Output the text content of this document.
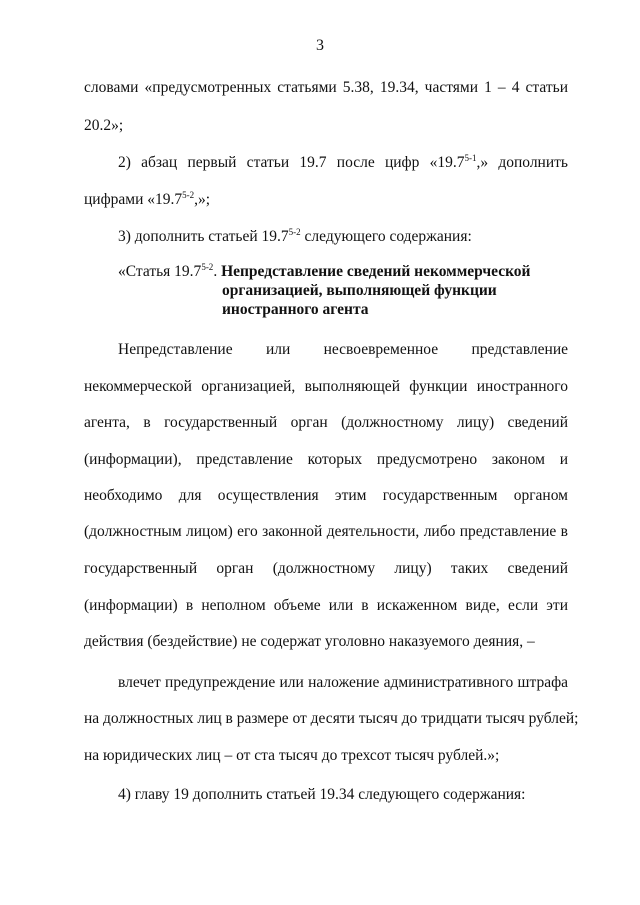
3
словами «предусмотренных статьями 5.38, 19.34, частями 1 – 4 статьи
20.2»;
2) абзац первый статьи 19.7 после цифр «19.7$^{5-1}$,» дополнить
цифрами «19.7$^{5-2}$,»;
3) дополнить статьей 19.7$^{5-2}$ следующего содержания:
«Статья 19.7$^{5-2}$. Непредставление сведений некоммерческой
организацией, выполняющей функции
иностранного агента
Непредставление или несвоевременное представление
некоммерческой организацией, выполняющей функции иностранного
агента, в государственный орган (должностному лицу) сведений
(информации), представление которых предусмотрено законом и
необходимо для осуществления этим государственным органом
(должностным лицом) его законной деятельности, либо представление в
государственный орган (должностному лицу) таких сведений
(информации) в неполном объеме или в искаженном виде, если эти
действия (бездействие) не содержат уголовно наказуемого деяния, –
влечет предупреждение или наложение административного штрафа
на должностных лиц в размере от десяти тысяч до тридцати тысяч рублей;
на юридических лиц – от ста тысяч до трехсот тысяч рублей.»;
4) главу 19 дополнить статьей 19.34 следующего содержания:
